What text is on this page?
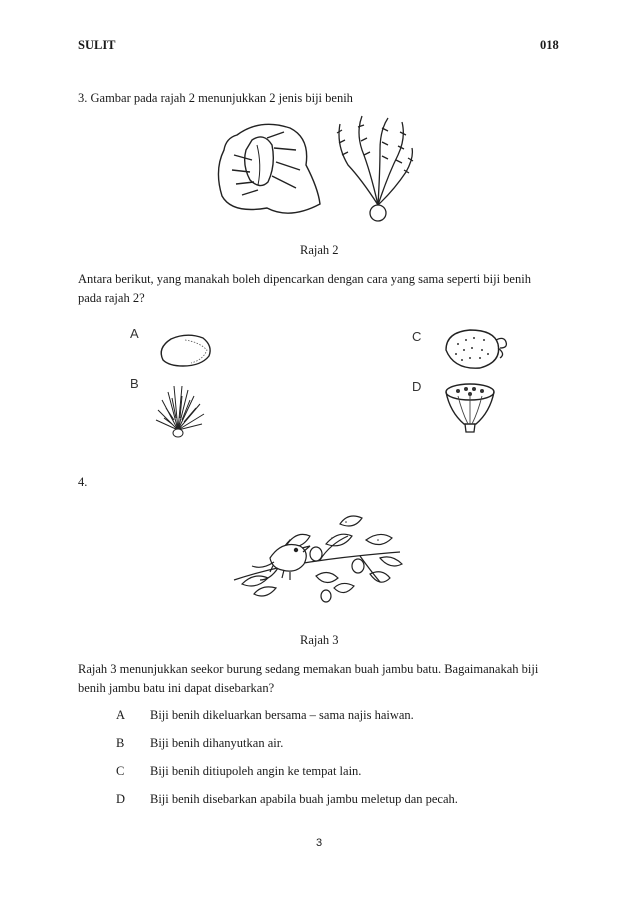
SULIT	018
3. Gambar pada rajah 2 menunjukkan 2 jenis biji benih
Rajah 2
Antara berikut, yang manakah boleh dipencarkan dengan cara yang sama seperti biji benih
pada rajah 2?
A
B
C
D
4.
Rajah 3
Rajah 3 menunjukkan seekor burung sedang memakan buah jambu batu. Bagaimanakah biji
benih jambu batu ini dapat disebarkan?
A Biji benih dikeluarkan bersama – sama najis haiwan.
B Biji benih dihanyutkan air.
C Biji benih ditiupoleh angin ke tempat lain.
D Biji benih disebarkan apabila buah jambu meletup dan pecah.
3
